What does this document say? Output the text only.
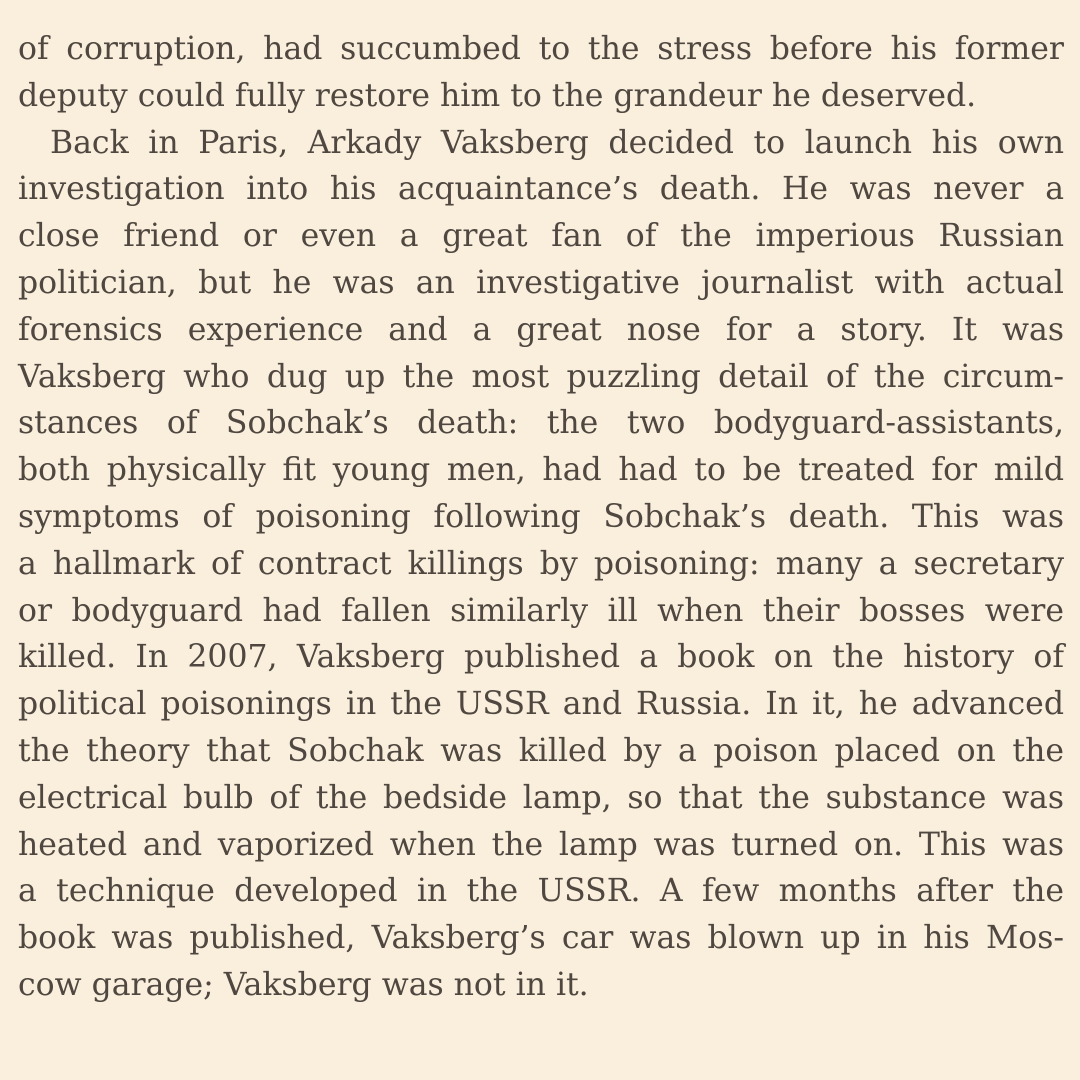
of corruption, had succumbed to the stress before his former
deputy could fully restore him to the grandeur he deserved.
Back in Paris, Arkady Vaksberg decided to launch his own
investigation into his acquaintance’s death. He was never a
close friend or even a great fan of the imperious Russian
politician, but he was an investigative journalist with actual
forensics experience and a great nose for a story. It was
Vaksberg who dug up the most puzzling detail of the circum-
stances of Sobchak’s death: the two bodyguard-assistants,
both physically fit young men, had had to be treated for mild
symptoms of poisoning following Sobchak’s death. This was
a hallmark of contract killings by poisoning: many a secretary
or bodyguard had fallen similarly ill when their bosses were
killed. In 2007, Vaksberg published a book on the history of
political poisonings in the USSR and Russia. In it, he advanced
the theory that Sobchak was killed by a poison placed on the
electrical bulb of the bedside lamp, so that the substance was
heated and vaporized when the lamp was turned on. This was
a technique developed in the USSR. A few months after the
book was published, Vaksberg’s car was blown up in his Mos-
cow garage; Vaksberg was not in it.
